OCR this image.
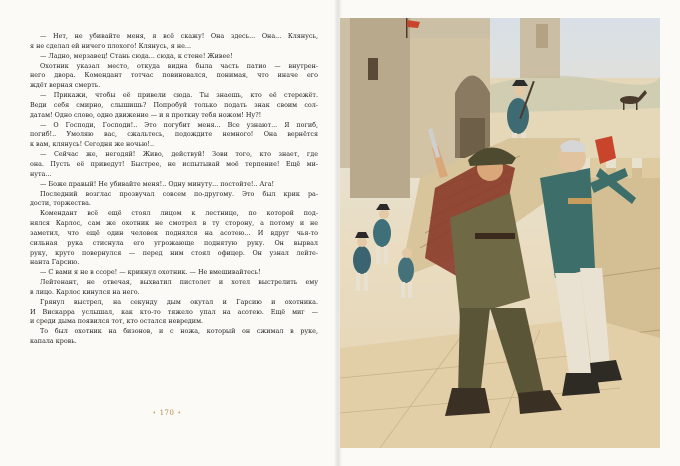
— Нет, не убивайте меня, я всё скажу! Она здесь... Она... Клянусь,
я не сделал ей ничего плохого! Клянусь, я не...
— Ладно, мерзавец! Стань сюда... сюда, к стене! Живее!
Охотник указал место, откуда видна была часть патио — внутрен-
него двора. Комендант тотчас повиновался, понимая, что иначе его
ждёт верная смерть.
— Прикажи, чтобы её привели сюда. Ты знаешь, кто её стережёт.
Веди себя смирно, слышишь? Попробуй только подать знак своим сол-
датам! Одно слово, одно движение — и я проткну тебя ножом! Ну?!
— О Господи, Господи!.. Это погубит меня... Все узнают... Я погиб,
погиб!.. Умоляю вас, сжальтесь, подождите немного! Она вернётся
к вам, клянусь! Сегодня же ночью!..
— Сейчас же, негодяй! Живо, действуй! Зови того, кто знает, где
она. Пусть её приведут! Быстрее, не испытывай моё терпение! Ещё ми-
нута...
— Боже правый! Не убивайте меня!.. Одну минуту... постойте!.. Ага!
Последний возглас прозвучал совсем по-другому. Это был крик ра-
дости, торжества.
Комендант всё ещё стоял лицом к лестнице, по которой под-
нялся Карлос, сам же охотник не смотрел в ту сторону, а потому и не
заметил, что ещё один человек поднялся на асотею... И вдруг чья-то
сильная рука стиснула его угрожающе поднятую руку. Он вырвал
руку, круто повернулся — перед ним стоял офицер. Он узнал лейте-
нанта Гарсию.
— С вами я не в ссоре! — крикнул охотник. — Не вмешивайтесь!
Лейтенант, не отвечая, выхватил пистолет и хотел выстрелить ему
в лицо. Карлос кинулся на него.
Грянул выстрел, на секунду дым окутал и Гарсию и охотника.
И Вискарра услышал, как кто-то тяжело упал на асотею. Ещё миг —
и среди дыма появился тот, кто остался невредим.
То был охотник на бизонов, и с ножа, который он сжимал в руке,
капала кровь.
• 170 •
